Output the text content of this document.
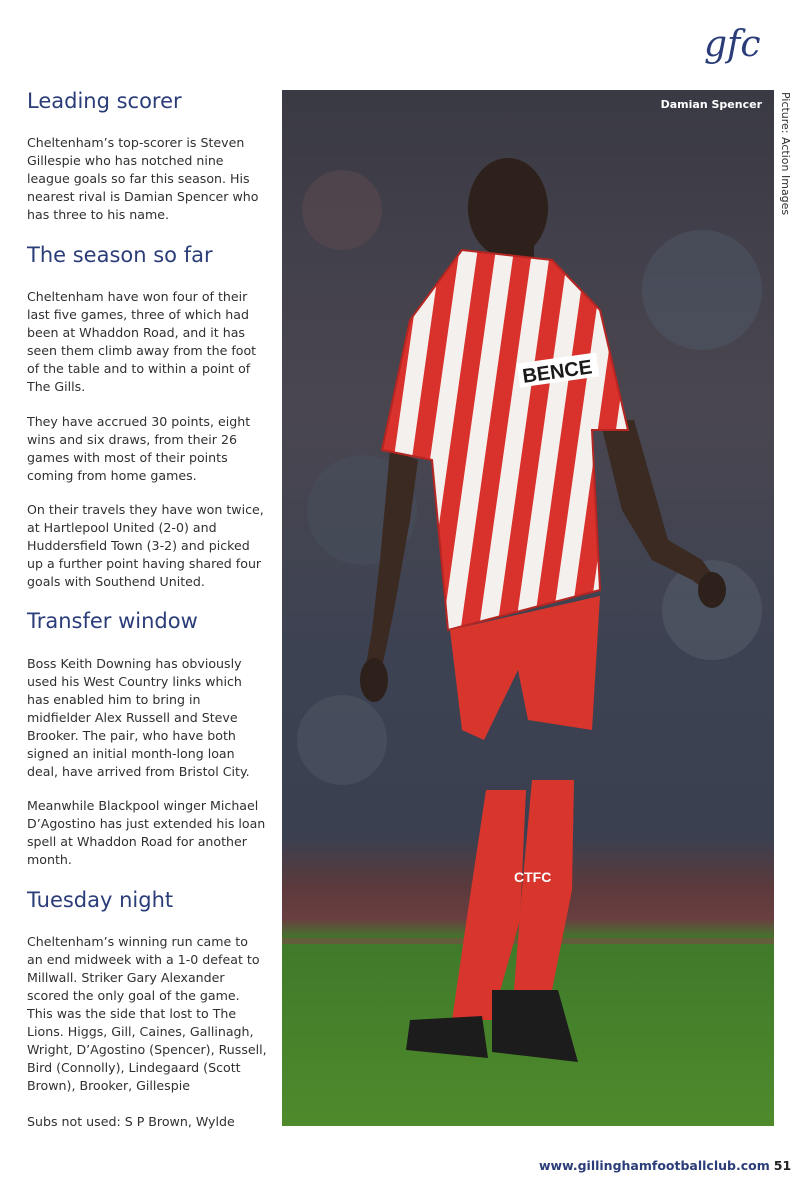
gfc
Leading scorer

Cheltenham’s top-scorer is Steven Gillespie who has notched nine league goals so far this season. His nearest rival is Damian Spencer who has three to his name.

The season so far

Cheltenham have won four of their last five games, three of which had been at Whaddon Road, and it has seen them climb away from the foot of the table and to within a point of The Gills.

They have accrued 30 points, eight wins and six draws, from their 26 games with most of their points coming from home games.

On their travels they have won twice, at Hartlepool United (2-0) and Huddersfield Town (3-2) and picked up a further point having shared four goals with Southend United.

Transfer window

Boss Keith Downing has obviously used his West Country links which has enabled him to bring in midfielder Alex Russell and Steve Brooker. The pair, who have both signed an initial month-long loan deal, have arrived from Bristol City.

Meanwhile Blackpool winger Michael D’Agostino has just extended his loan spell at Whaddon Road for another month.

Tuesday night

Cheltenham’s winning run came to an end midweek with a 1-0 defeat to Millwall. Striker Gary Alexander scored the only goal of the game. This was the side that lost to The Lions. Higgs, Gill, Caines, Gallinagh, Wright, D’Agostino (Spencer), Russell, Bird (Connolly), Lindegaard (Scott Brown), Brooker, Gillespie

Subs not used: S P Brown, Wylde

BENCE
CTFC
Damian Spencer Picture: Action Images
www.gillinghamfootballclub.com 51
